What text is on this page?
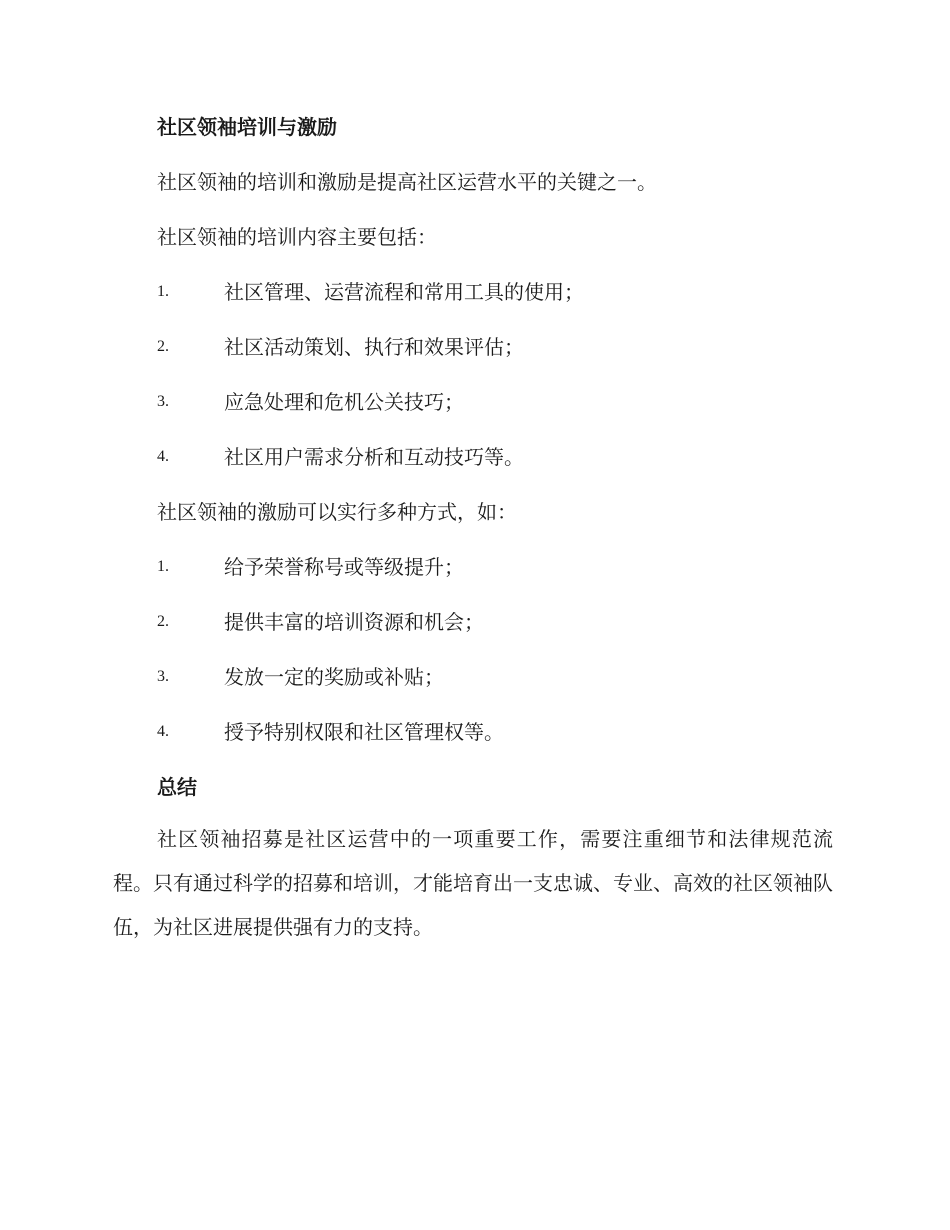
社区领袖培训与激励
社区领袖的培训和激励是提高社区运营水平的关键之一。
社区领袖的培训内容主要包括：
1.	社区管理、运营流程和常用工具的使用；
2.	社区活动策划、执行和效果评估；
3.	应急处理和危机公关技巧；
4.	社区用户需求分析和互动技巧等。
社区领袖的激励可以实行多种方式，如：
1.	给予荣誉称号或等级提升；
2.	提供丰富的培训资源和机会；
3.	发放一定的奖励或补贴；
4.	授予特别权限和社区管理权等。
总结

社区领袖招募是社区运营中的一项重要工作，需要注重细节和法律规范流程。只有通过科学的招募和培训，才能培育出一支忠诚、专业、高效的社区领袖队伍，为社区进展提供强有力的支持。
